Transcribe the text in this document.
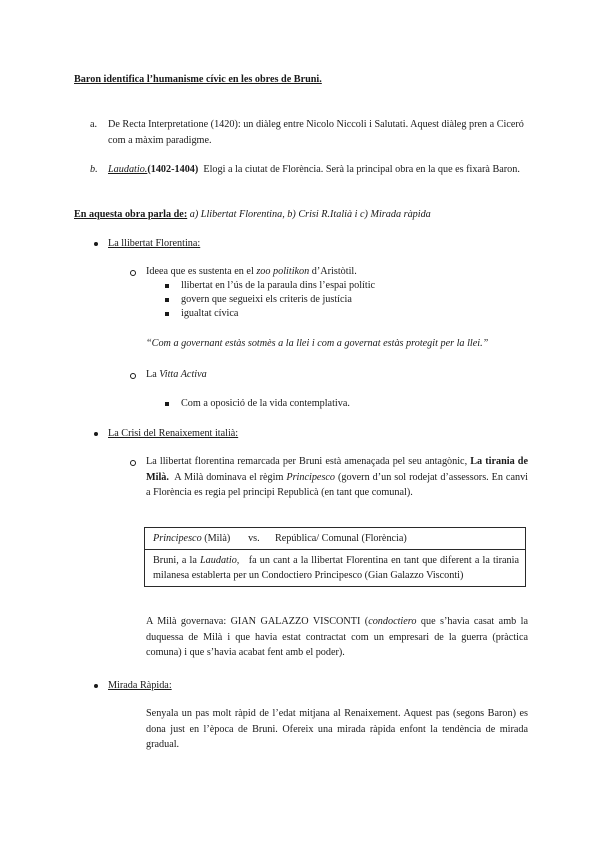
Baron identifica l’humanisme cívic en les obres de Bruni.
a. De Recta Interpretatione (1420): un diàleg entre Nicolo Niccoli i Salutati. Aquest diàleg pren a Ciceró com a màxim paradigme.
b. Laudatio.(1402-1404) Elogi a la ciutat de Florència. Serà la principal obra en la que es fixarà Baron.
En aquesta obra parla de: a) Llibertat Florentina, b) Crisi R.Italià i c) Mirada ràpida
La llibertat Florentina:
Ideea que es sustenta en el zoo politikon d’Aristòtil.
llibertat en l’ús de la paraula dins l’espai polític
govern que segueixi els criteris de justícia
igualtat cívica
“Com a governant estàs sotmès a la llei i com a governat estàs protegit per la llei.”
La Vitta Activa
Com a oposició de la vida contemplativa.
La Crisi del Renaixement italià:
La llibertat florentina remarcada per Bruni està amenaçada pel seu antagònic, La tirania de Milà. A Milà dominava el règim Principesco (govern d’un sol rodejat d’assessors. En canvi a Florència es regia pel principi Republicà (en tant que comunal).
Principesco (Milà) vs. República/ Comunal (Florència)
Bruni, a la Laudatio, fa un cant a la llibertat Florentina en tant que diferent a la tirania milanesa establerta per un Condoctiero Principesco (Gian Galazzo Visconti)
A Milà governava: GIAN GALAZZO VISCONTI (condoctiero que s’havia casat amb la duquessa de Milà i que havia estat contractat com un empresari de la guerra (pràctica comuna) i que s’havia acabat fent amb el poder).
Mirada Ràpida:
Senyala un pas molt ràpid de l’edat mitjana al Renaixement. Aquest pas (segons Baron) es dona just en l’època de Bruni. Ofereix una mirada ràpida enfont la tendència de mirada gradual.
